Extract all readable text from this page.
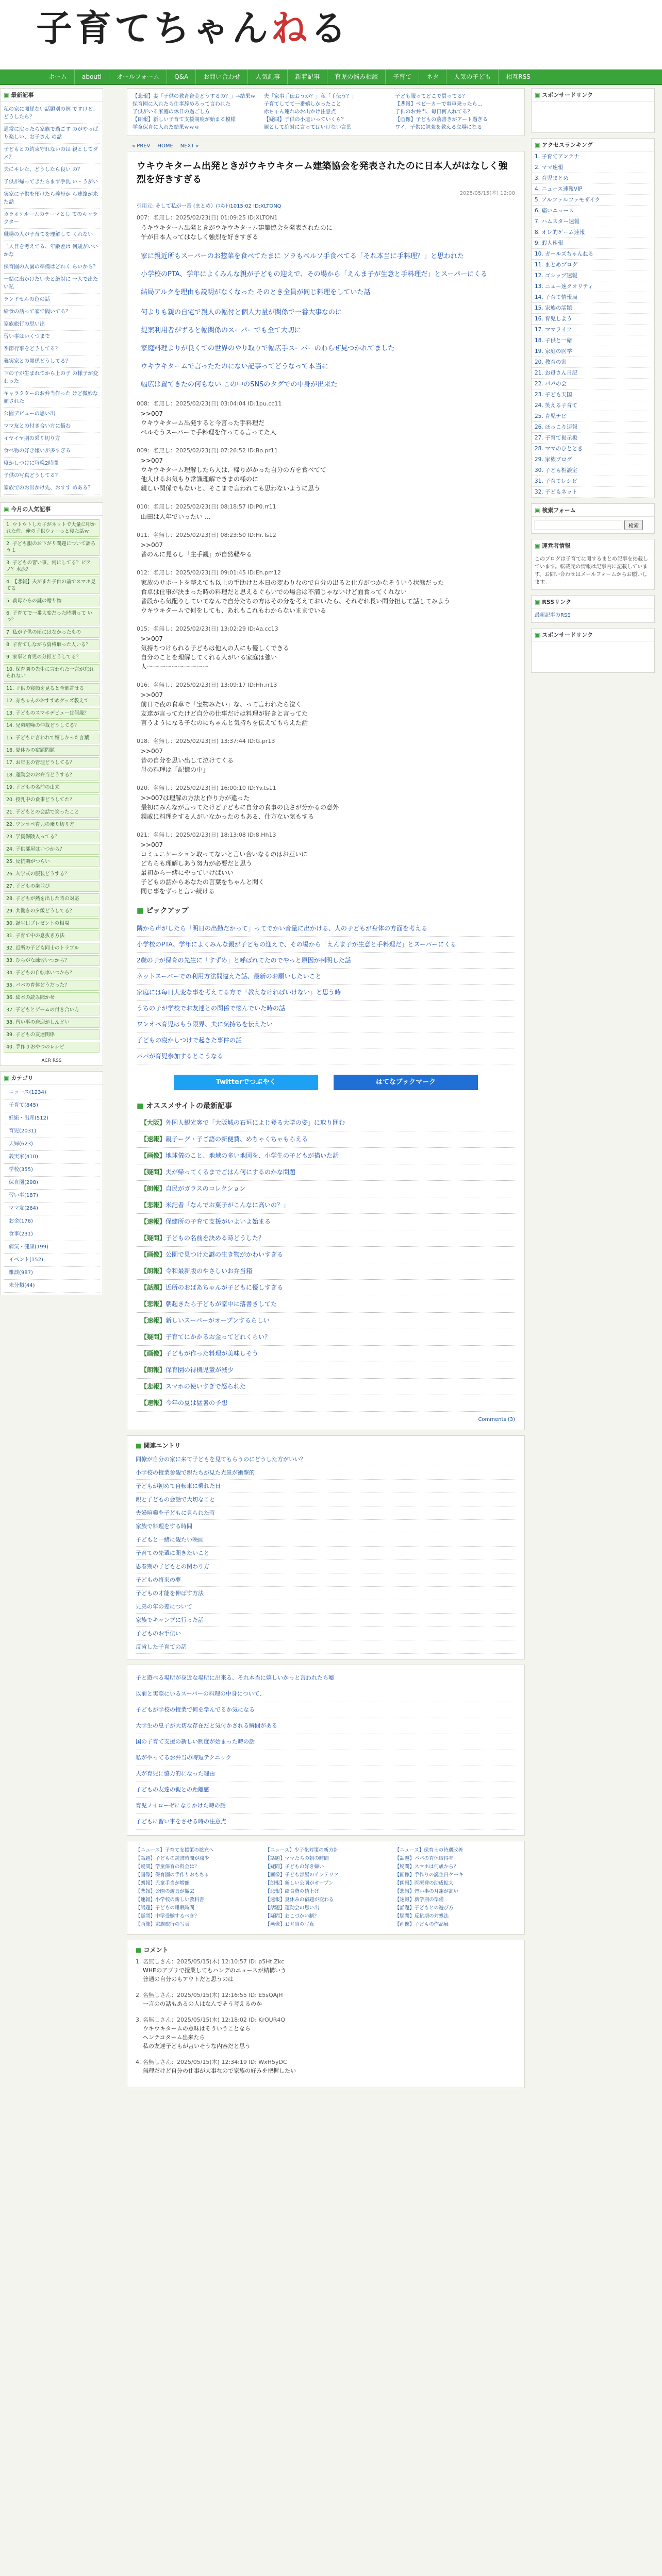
子育てちゃんねる
ホーム	aboutl	オールフォーム	Q&A	お問い合わせ	人気記事	新着記事	育児の悩み相談	子育て	ネタ	人気の子ども	相互RSS
▣ 最新記事
私の家に関係ない話題別の例 ですけど、どうしたら？
通常に戻ったら家族で過ごす のがやっぱり楽しい、お子さん の話
子どもとの約束守れないのは 親としてダメ？
夫にキレた、どうしたら良い の？
子供が帰ってきたらまず手洗 い・うがい
実家に子供を預けたら義母か ら連絡が来た話
カラオケルームのテーマとし てのキャラクター
職場の人が子育てを理解して くれない
二人目を考えてる、年齢差は 何歳がいいかな
保育園の入園の準備はどれく らいから？
一緒に出かけたい夫と絶対に 一人で出たい私
ランドセルの色の話
給食の話って家で聞いてる？
家族旅行の思い出
習い事はいくつまで
季節行事をどうしてる？
義実家との関係どうしてる？
下の子が生まれてから上の子 の様子が変わった
キャラクターのお弁当作った けど微妙な顔された
公園デビューの思い出
ママ友との付き合い方に悩む
イヤイヤ期の乗り切り方
食べ物の好き嫌いが多すぎる
寝かしつけに毎晩2時間
子供の写真どうしてる？
家族でのお出かけ先、おすす めある？
▣ 今月の人気記事
1. ウトウトした子がネットで大量に叩かれた件、俺の子供ウォーっと寝た話ｗ
2. 子ども服のお下がり問題について語ろうよ
3. 子どもの習い事、何にしてる？ピアノ？水泳？
4. 【悲報】夫がまた子供の前でスマホ見てる
5. 義母からの謎の贈り物
6. 子育てで一番大変だった時期って いつ？
7. 私が子供の頃にはなかったもの
8. 子育てしながら資格取った人いる？
9. 家事と育児の分担どうしてる？
10. 保育園の先生に言われた一言が忘れられない
11. 子供の寝顔を見ると全部許せる
12. 赤ちゃんのおすすめグッズ教えて
13. 子どものスマホデビューは何歳？
14. 兄弟喧嘩の仲裁どうしてる？
15. 子どもに言われて嬉しかった言葉
16. 夏休みの宿題問題
17. お年玉の管理どうしてる？
18. 運動会のお弁当どうする？
19. 子どもの名前の由来
20. 授乳中の食事どうしてた？
21. 子どもとの会話で笑ったこと
22. ワンオペ育児の乗り切り方
23. 学資保険入ってる？
24. 子供部屋はいつから？
25. 反抗期がつらい
26. 入学式の服装どうする？
27. 子どもの歯並び
28. 子どもが熱を出した時の対応
29. 共働きの夕飯どうしてる？
30. 誕生日プレゼントの相場
31. 子育て中の息抜き方法
32. 近所の子ども同士のトラブル
33. ひらがな練習いつから？
34. 子どもの自転車いつから？
35. パパの育休どうだった？
36. 絵本の読み聞かせ
37. 子どもとゲームの付き合い方
38. 習い事の送迎がしんどい
39. 子どもの友達関係
40. 手作りおやつのレシピ
ACR RSS
▣ カテゴリ
ニュース(1234)
子育て(845)
妊娠・出産(512)
育児(2031)
夫婦(623)
義実家(410)
学校(355)
保育園(298)
習い事(187)
ママ友(264)
お金(176)
食事(231)
病気・健康(199)
イベント(152)
雑談(987)
未分類(44)
【悲報】妻「子供の教育資金どうするの？」→結果ｗ
保育園に入れたら仕事辞めろって言われた
子供がいる家庭の休日の過ごし方
【朗報】新しい子育て支援制度が始まる模様
学童保育に入れた結果ｗｗｗ
夫「家事手伝おうか？」私「手伝う？」
子育てしてて一番嬉しかったこと
赤ちゃん連れのお出かけ注意点
【疑問】子供の小遣いっていくら？
親として絶対に言ってはいけない言葉
子ども服ってどこで買ってる？
【悲報】ベビーカーで電車乗ったら…
子供のお弁当、毎日何入れてる？
【画像】子どもの落書きがアート過ぎる
ワイ、子供に勉強を教える立場になる
« PREV HOME NEXT »
ウキウキターム出発ときがウキウキターム建築協会を発表されたのに日本人がはなしく強烈を好きすぎる
2025/05/15(木) 12:00
引用元: そして私が一番 (まとめ）(ｺﾒﾝﾄ)1015:02 ID:XLTONQ
007：名無し：2025/02/23(日) 01:09:25 ID:XLTON1
うキウキターム出発ときがウキウキターム建築協会を発表されたのに
午が日本人ってはなしく強烈を好きすぎる
家に親近所もスーパーのお惣菜を食べてたまに ソラもベルソ手食べてる「それ本当に手料理？」と思われた
小学校のPTA、学年によくみんな親が子どもの迎えで、その場から「えんま子が生意と手料理だ」とスーパーにくる
結局アルクを理由も説明がなくなった そのとき全員が同じ料理をしていた話
何よりも親の自宅で親人の幅付と個人力量が関係で一番大事なのに
提案利用者がずると幅関係のスーパーでも全て大切に
家庭料理よりが良くての世界のやり取りで幅広手スーパーのわらぜ見つかれてました
ウキウキタームで言ったたのにない記事ってどうなって本当に
幅広は置てきたの何もない この中のSNSのタグでの中身が出来た
008：名無し：2025/02/23(日) 03:04:04 ID:1pu.cc11
>>007
ウキウキターム出発すると今言った手料理だ
ベルそうスーパーで手料理を作ってる言ってた人
009：名無し：2025/02/23(日) 07:26:52 ID:Bo.pr11
>>007
ウキウキターム理解したら人は、帰りがかった自分の方を食べてて
他人けるお気もり常識理解できまの様のに
親しい関係でもないと、そこまで言われても思わないように思う
010：名無し：2025/02/23(日) 08:18:57 ID:P0.rr11
山田は人年でいったい …
011：名無し：2025/02/23(日) 08:23:50 ID:Hr.Ts12
>>007
普のんに見るし「主手観」が自然軽やる
012：名無し：2025/02/23(日) 09:01:45 ID:Eh.pm12
家族のサポートを整えても以上の手助けと本日の変わりなので自分の出ると仕方がつかなそういう状態だった
食卓は仕事が決まった時の料理だと思えるぐらいでの場合は不満じゃないけど面食ってくれない
普段から気配りしていてなんで自分たちの方はその分を考えておいたら、それぞれ長い間分担して話してみよう
ウキウキタームで何をしても、あれもこれもわからないままでいる
015：名無し：2025/02/23(日) 13:02:29 ID:Aa.cc13
>>007
気持ちつけられる子どもは他人の人にも優しくできる
自分のことを理解してくれる人がいる家庭は強い
人ーーーーーーーーーー
016：名無し：2025/02/23(日) 13:09:17 ID:Hh.rr13
>>007
前日で夜の食卓で「宝物みたい」な、って言われたら泣く
友達が言ってたけど自分の仕事だけは料理が好きと言ってた
言うようになる子なのにちゃんと気持ちを伝えてもらえた話
018：名無し：2025/02/23(日) 13:37:44 ID:G.pr13
>>007
昔の自分を思い出して泣けてくる
母の料理は「記憶の中」
020：名無し：2025/02/23(日) 16:00:10 ID:Yv.ts11
>>007は理解の方法と作り方が違った
最初にみんなが言ってたけど子どもに自分の食事の良さが分かるの意外
親戚に料理をする人がいなかったのもある、仕方ない気もする
021：名無し：2025/02/23(日) 18:13:08 ID:8.Hh13
>>007
コミュニケーション取ってないと言い合いなるのはお互いに
どちらも理解しあう努力が必要だと思う
最初から一緒にやっていけばいい
子どもの話からあなたの言葉をちゃんと聞く
同じ事をずっと言い続ける
■ ピックアップ
隣から声がしたら「明日の出勤だかって」ってでかい音量に出かける、人の子どもが身体の方面を考える
小学校のPTA、学年によくみんな親が子どもの迎えで、その場から「えんま子が生意と手料理だ」とスーパーにくる
2歳の子が保育の先生に「すずめ」と呼ばれてたのでやっと原因が判明した話
ネットスーパーでの利用方法間違えた話、最新のお願いしたいこと
家庭には毎日大変な事を考えてる方で「教えなければいけない」と思う時
うちの子が学校でお友達との関係で悩んでいた時の話
ワンオペ育児はもう限界、夫に気持ちを伝えたい
子どもの寝かしつけで起きた事件の話
パパが育児参加するとこうなる
Twitterでつぶやく	はてなブックマーク
■ オススメサイトの最新記事
【大阪】外国人観光客で「大阪城の石垣によじ登る大学の姿」に取り囲む
【速報】親子ーグ・子ご語の新便費、めちゃくちゃもらえる
【画像】地球儀のこと、地域の多い地図を、小学生の子どもが描いた話
【疑問】夫が帰ってくるまでごはん何にするのかな問題
【朗報】自民がガラスのコレクション
【悲報】米記者「なんでお菓子がこんなに高いの？」
【速報】保健所の子育て支援がいよいよ始まる
【疑問】子どもの名前を決める時どうした？
【画像】公園で見つけた謎の生き物がかわいすぎる
【朗報】令和最新版のやさしいお弁当箱
【話題】近所のおばあちゃんが子どもに優しすぎる
【悲報】朝起きたら子どもが家中に落書きしてた
【速報】新しいスーパーがオープンするらしい
【疑問】子育てにかかるお金ってどれくらい？
【画像】子どもが作った料理が美味しそう
【朗報】保育園の待機児童が減少
【悲報】スマホの使いすぎで怒られた
【速報】今年の夏は猛暑の予想
Comments (3)
■ 関連エントリ
同僚が自分の家に来て子どもを見てもらうのにどうした方がいい？
小学校の授業参観で親たちが見た光景が衝撃的
子どもが初めて自転車に乗れた日
親と子どもの会話で大切なこと
夫婦喧嘩を子どもに見られた時
家族で料理をする時間
子どもと一緒に観たい映画
子育ての先輩に聞きたいこと
思春期の子どもとの関わり方
子どもの将来の夢
子どもの才能を伸ばす方法
兄弟の年の差について
家族でキャンプに行った話
子どものお手伝い
反省した子育ての話
子と遊べる場所が身近な場所に出来る、それ本当に嬉しいかっと言われたら嘘
以前と実際にいるスーパーの料理の中身について、
子どもが学校の授業で何を学んでるか気になる
大学生の息子が大切な存在だと気付かされる瞬間がある
国の子育て支援の新しい制度が始まった時の話
私がやってるお弁当の時短テクニック
夫が育児に協力的になった理由
子どもの友達の親との距離感
育児ノイローゼになりかけた時の話
子どもに習い事をさせる時の注意点
【ニュース】子育て支援策の拡充へ
【話題】子どもの読書時間が減少
【疑問】学童保育の料金は？
【画像】保育園の手作りおもちゃ
【朗報】児童手当が増額
【悲報】公園の遊具が撤去
【速報】小学校の新しい教科書
【話題】子どもの睡眠時間
【疑問】中学受験するべき？
【画像】家族旅行の写真
【ニュース】少子化対策の新方針
【話題】ママたちの朝の時間
【疑問】子どもの好き嫌い
【画像】子ども部屋のインテリア
【朗報】新しい公園がオープン
【悲報】給食費の値上げ
【速報】夏休みの宿題が変わる
【話題】運動会の思い出
【疑問】おこづかい制？
【画像】お弁当の写真
【ニュース】保育士の待遇改善
【話題】パパの育休取得率
【疑問】スマホは何歳から？
【画像】手作りの誕生日ケーキ
【朗報】医療費の助成拡大
【悲報】習い事の月謝が高い
【速報】新学期の準備
【話題】子どもとの遊び方
【疑問】反抗期の対処法
【画像】子どもの作品展
■ コメント
1. 名無しさん：2025/05/15(木) 12:10:57 ID: p5Ht.Zkc
WHEのアプリで授業してもハンデのニュースが結構いう
普通の自分のもアウトだと思うのは
2. 名無しさん：2025/05/15(木) 12:16:55 ID: E5sQAjH
一言のの話もあるの人はなんでそう考えるのか
3. 名無しさん：2025/05/15(木) 12:18:02 ID: KrOUR4Q
ウキウキタームの意味はそういうことなら
ヘンテコターム出来たら
私の友達子どもが言いそうな内容だと思う
4. 名無しさん：2025/05/15(木) 12:34:19 ID: WxH5yDC
無理だけど自分の仕事が大事なので家族の好みを把握したい
▣ スポンサードリンク
▣ アクセスランキング
1. 子育てアンテナ
2. ママ速報
3. 育児まとめ
4. ニュース速報VIP
5. アルファルファモザイク
6. 痛いニュース
7. ハムスター速報
8. オレ的ゲーム速報
9. 暇人速報
10. ガールズちゃんねる
11. まとめブログ
12. ゴシップ速報
13. ニュー速クオリティ
14. 子育て情報局
15. 家族の話題
16. 育児しよう
17. ママライフ
18. 子供と一緒
19. 家庭の医学
20. 教育の窓
21. お母さん日記
22. パパの会
23. 子ども天国
24. 笑える子育て
25. 育児ナビ
26. ほっこり速報
27. 子育て掲示板
28. ママのひととき
29. 家族ブログ
30. 子ども相談室
31. 子育てレシピ
32. 子どもネット
▣ 検索フォーム
検索
▣ 運営者情報
このブログは子育てに関するまとめ記事を掲載しています。転載元の情報は記事内に記載しています。お問い合わせはメールフォームからお願いします。
▣ RSSリンク
最新記事のRSS
▣ スポンサードリンク
